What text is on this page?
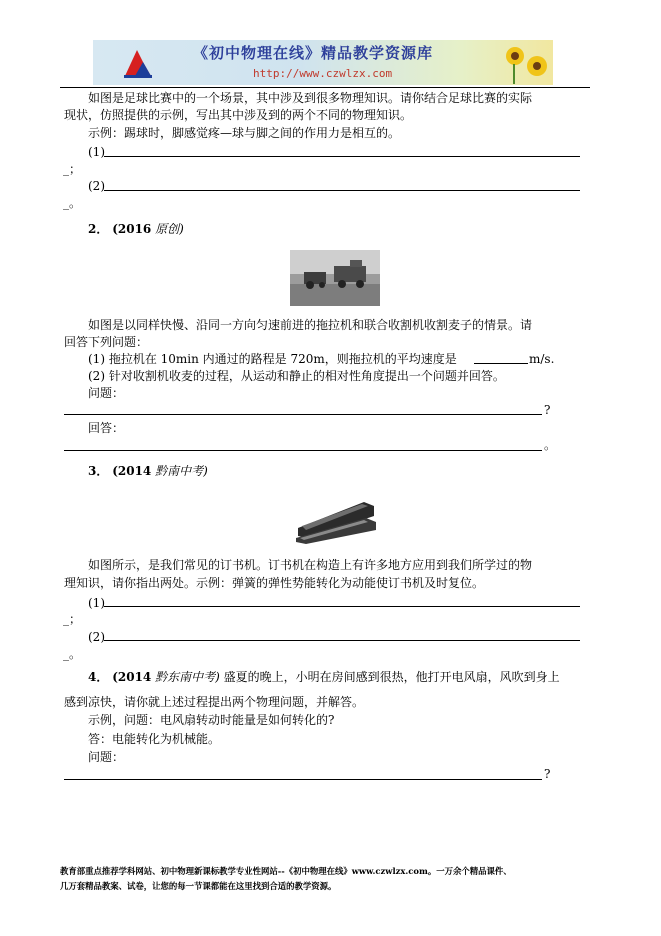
《初中物理在线》精品教学资源库
http://www.czwlzx.com
如图是足球比赛中的一个场景，其中涉及到很多物理知识。请你结合足球比赛的实际
现状，仿照提供的示例，写出其中涉及到的两个不同的物理知识。
示例：踢球时，脚感觉疼—球与脚之间的作用力是相互的。
(1)
_；
(2)
_。
2． (2016 原创)
如图是以同样快慢、沿同一方向匀速前进的拖拉机和联合收割机收割麦子的情景。请
回答下列问题：
(1) 拖拉机在 10min 内通过的路程是 720m，则拖拉机的平均速度是	m/s.
(2) 针对收割机收麦的过程，从运动和静止的相对性角度提出一个问题并回答。
问题：
?
回答：
。
3． (2014 黔南中考)
如图所示，是我们常见的订书机。订书机在构造上有许多地方应用到我们所学过的物
理知识，请你指出两处。示例：弹簧的弹性势能转化为动能使订书机及时复位。
(1)
_；
(2)
_。
4． (2014 黔东南中考) 盛夏的晚上，小明在房间感到很热，他打开电风扇，风吹到身上
感到凉快，请你就上述过程提出两个物理问题，并解答。
示例，问题：电风扇转动时能量是如何转化的?
答：电能转化为机械能。
问题：
?
教育部重点推荐学科网站、初中物理新课标教学专业性网站--《初中物理在线》www.czwlzx.com。一万余个精品课件、
几万套精品教案、试卷，让您的每一节课都能在这里找到合适的教学资源。
